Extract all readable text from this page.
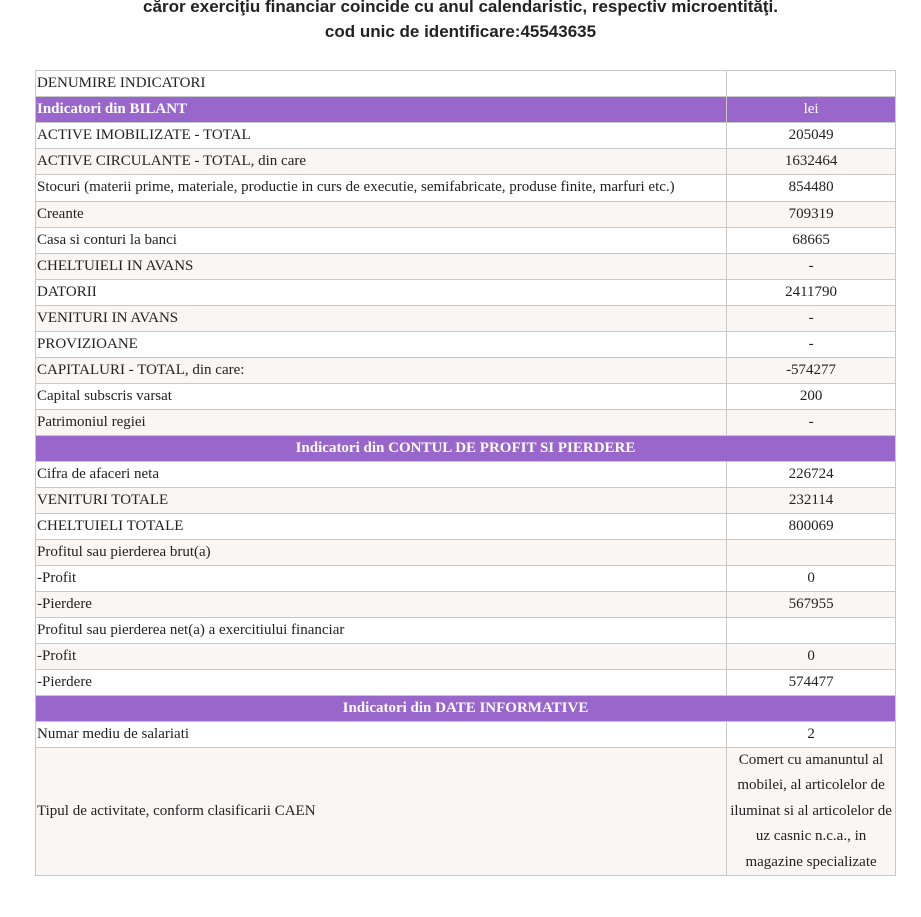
căror exerciţiu financiar coincide cu anul calendaristic, respectiv microentităţi.
cod unic de identificare:45543635
DENUMIRE INDICATORI	
Indicatori din BILANT	lei
ACTIVE IMOBILIZATE - TOTAL	205049
ACTIVE CIRCULANTE - TOTAL, din care	1632464
Stocuri (materii prime, materiale, productie in curs de executie, semifabricate, produse finite, marfuri etc.)	854480
Creante	709319
Casa si conturi la banci	68665
CHELTUIELI IN AVANS	-
DATORII	2411790
VENITURI IN AVANS	-
PROVIZIOANE	-
CAPITALURI - TOTAL, din care:	-574277
Capital subscris varsat	200
Patrimoniul regiei	-
Indicatori din CONTUL DE PROFIT SI PIERDERE	
Cifra de afaceri neta	226724
VENITURI TOTALE	232114
CHELTUIELI TOTALE	800069
Profitul sau pierderea brut(a)	
-Profit	0
-Pierdere	567955
Profitul sau pierderea net(a) a exercitiului financiar	
-Profit	0
-Pierdere	574477
Indicatori din DATE INFORMATIVE	
Numar mediu de salariati	2
Tipul de activitate, conform clasificarii CAEN	Comert cu amanuntul al mobilei, al articolelor de iluminat si al articolelor de uz casnic n.c.a., in magazine specializate
